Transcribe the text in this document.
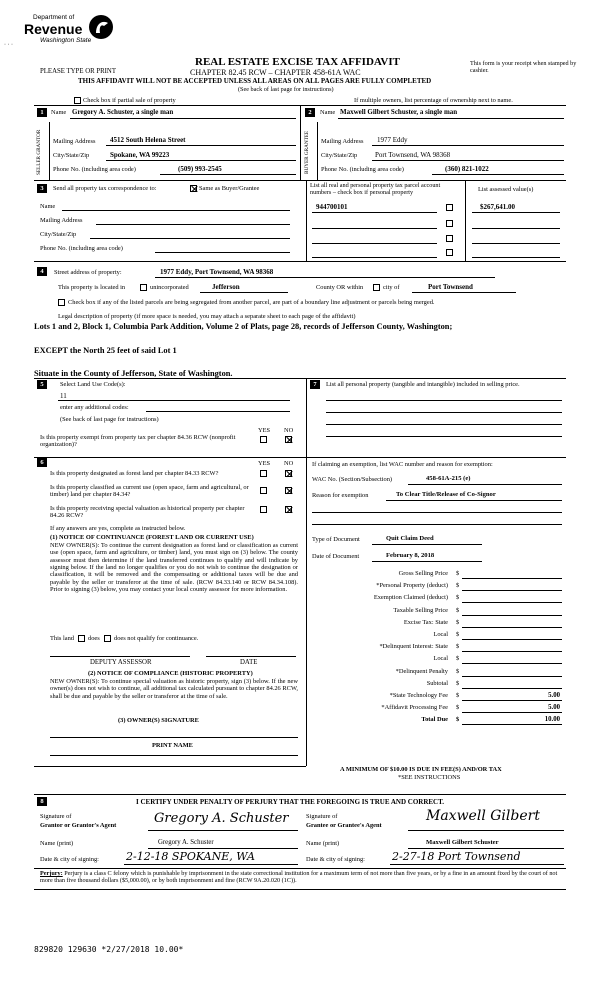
Department of
Revenue
Washington State
· · ·
REAL ESTATE EXCISE TAX AFFIDAVIT
CHAPTER 82.45 RCW – CHAPTER 458-61A WAC
PLEASE TYPE OR PRINT
This form is your receipt when stamped by cashier.
THIS AFFIDAVIT WILL NOT BE ACCEPTED UNLESS ALL AREAS ON ALL PAGES ARE FULLY COMPLETED
(See back of last page for instructions)
Check box if partial sale of property	If multiple owners, list percentage of ownership next to name.
1	Name Gregory A. Schuster, a single man
SELLER GRANTOR Mailing Address 4512 South Helena Street
City/State/Zip	Spokane, WA 99223
Phone No. (including area code)	(509) 993-2545
2	Name Maxwell Gilbert Schuster, a single man
BUYER GRANTEE Mailing Address 1977 Eddy
City/State/Zip	Port Townsend, WA 98368
Phone No. (including area code)	(360) 821-1022
3	Send all property tax correspondence to:	Same as Buyer/Grantee	List all real and personal property tax parcel account numbers – check box if personal property	List assessed value(s)
Name
Mailing Address
City/State/Zip
Phone No. (including area code)
944700101	$267,641.00
4	Street address of property:	1977 Eddy, Port Townsend, WA 98368
This property is located in	unincorporated	Jefferson	County OR within	city of	Port Townsend
Check box if any of the listed parcels are being segregated from another parcel, are part of a boundary line adjustment or parcels being merged.
Legal description of property (if more space is needed, you may attach a separate sheet to each page of the affidavit)
Lots 1 and 2, Block 1, Columbia Park Addition, Volume 2 of Plats, page 28, records of Jefferson County, Washington;
EXCEPT the North 25 feet of said Lot 1
Situate in the County of Jefferson, State of Washington.
5	Select Land Use Code(s):
11
enter any additional codes:
(See back of last page for instructions)
YES NO
Is this property exempt from property tax per chapter 84.36 RCW (nonprofit organization)?
7	List all personal property (tangible and intangible) included in selling price.
6	YES NO
Is this property designated as forest land per chapter 84.33 RCW?
Is this property classified as current use (open space, farm and agricultural, or timber) land per chapter 84.34?
Is this property receiving special valuation as historical property per chapter 84.26 RCW?
If any answers are yes, complete as instructed below.
(1) NOTICE OF CONTINUANCE (FOREST LAND OR CURRENT USE)
NEW OWNER(S): To continue the current designation as forest land or classification as current use (open space, farm and agriculture, or timber) land, you must sign on (3) below. The county assessor must then determine if the land transferred continues to qualify and will indicate by signing below. If the land no longer qualifies or you do not wish to continue the designation or classification, it will be removed and the compensating or additional taxes will be due and payable by the seller or transferor at the time of sale. (RCW 84.33.140 or RCW 84.34.108). Prior to signing (3) below, you may contact your local county assessor for more information.
This land does does not qualify for continuance.
DEPUTY ASSESSOR	DATE
(2) NOTICE OF COMPLIANCE (HISTORIC PROPERTY)
NEW OWNER(S): To continue special valuation as historic property, sign (3) below. If the new owner(s) does not wish to continue, all additional tax calculated pursuant to chapter 84.26 RCW, shall be due and payable by the seller or transferor at the time of sale.
(3) OWNER(S) SIGNATURE
PRINT NAME
If claiming an exemption, list WAC number and reason for exemption:
WAC No. (Section/Subsection)	458-61A-215 (e)
Reason for exemption	To Clear Title/Release of Co-Signor
Type of Document	Quit Claim Deed
Date of Document	February 8, 2018
Gross Selling Price $
*Personal Property (deduct) $
Exemption Claimed (deduct) $
Taxable Selling Price $
Excise Tax: State $
Local $
*Delinquent Interest: State $
Local $
*Delinquent Penalty $
Subtotal $
*State Technology Fee $	5.00
*Affidavit Processing Fee $	5.00
Total Due $	10.00
A MINIMUM OF $10.00 IS DUE IN FEE(S) AND/OR TAX
*SEE INSTRUCTIONS
8	I CERTIFY UNDER PENALTY OF PERJURY THAT THE FOREGOING IS TRUE AND CORRECT.
Signature of
Grantor or Grantor's Agent	Gregory A. Schuster	Signature of
Grantee or Grantee's Agent
Maxwell Gilbert
Name (print)	Gregory A. Schuster	Name (print)	Maxwell Gilbert Schuster
Date & city of signing: 2-12-18 SPOKANE, WA	Date & city of signing: 2-27-18 Port Townsend
Perjury: Perjury is a class C felony which is punishable by imprisonment in the state correctional institution for a maximum term of not more than five years, or by a fine in an amount fixed by the court of not more than five thousand dollars ($5,000.00), or by both imprisonment and fine (RCW 9A.20.020 (1C)).
829820 129630 *2/27/2018 10.00*
